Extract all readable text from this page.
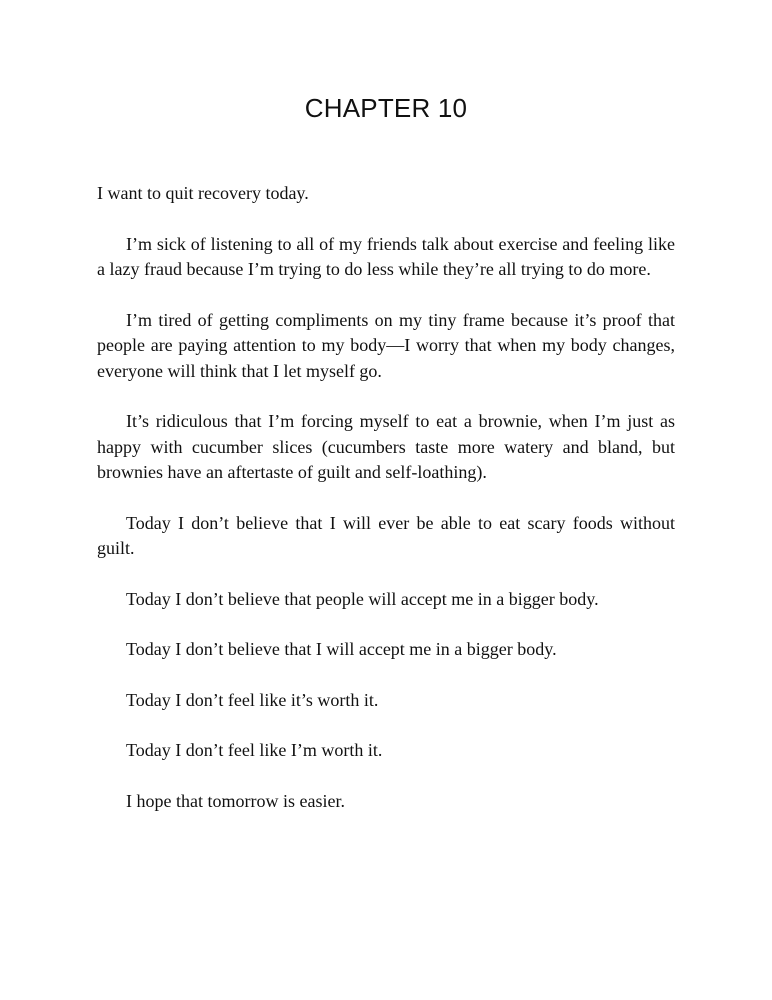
CHAPTER 10

I want to quit recovery today.

I’m sick of listening to all of my friends talk about exercise and feeling like a lazy fraud because I’m trying to do less while they’re all trying to do more.

I’m tired of getting compliments on my tiny frame because it’s proof that people are paying attention to my body—I worry that when my body changes, everyone will think that I let myself go.

It’s ridiculous that I’m forcing myself to eat a brownie, when I’m just as happy with cucumber slices (cucumbers taste more watery and bland, but brownies have an aftertaste of guilt and self-loathing).

Today I don’t believe that I will ever be able to eat scary foods without guilt.

Today I don’t believe that people will accept me in a bigger body.

Today I don’t believe that I will accept me in a bigger body.

Today I don’t feel like it’s worth it.

Today I don’t feel like I’m worth it.

I hope that tomorrow is easier.
